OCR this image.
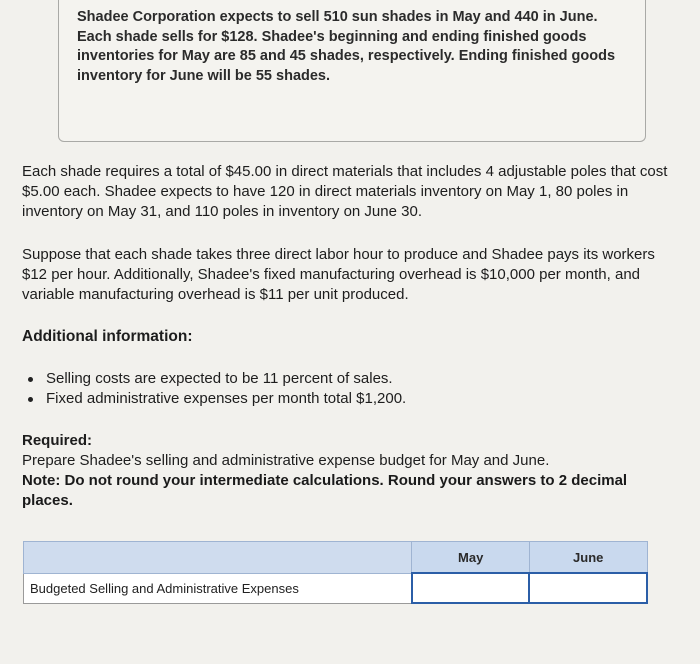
Shadee Corporation expects to sell 510 sun shades in May and 440 in June. Each shade sells for $128. Shadee's beginning and ending finished goods inventories for May are 85 and 45 shades, respectively. Ending finished goods inventory for June will be 55 shades.
Each shade requires a total of $45.00 in direct materials that includes 4 adjustable poles that cost $5.00 each. Shadee expects to have 120 in direct materials inventory on May 1, 80 poles in inventory on May 31, and 110 poles in inventory on June 30.
Suppose that each shade takes three direct labor hour to produce and Shadee pays its workers $12 per hour. Additionally, Shadee's fixed manufacturing overhead is $10,000 per month, and variable manufacturing overhead is $11 per unit produced.
Additional information:
Selling costs are expected to be 11 percent of sales.
Fixed administrative expenses per month total $1,200.
Required:
Prepare Shadee's selling and administrative expense budget for May and June.
Note: Do not round your intermediate calculations. Round your answers to 2 decimal places.
	May	June
Budgeted Selling and Administrative Expenses		
